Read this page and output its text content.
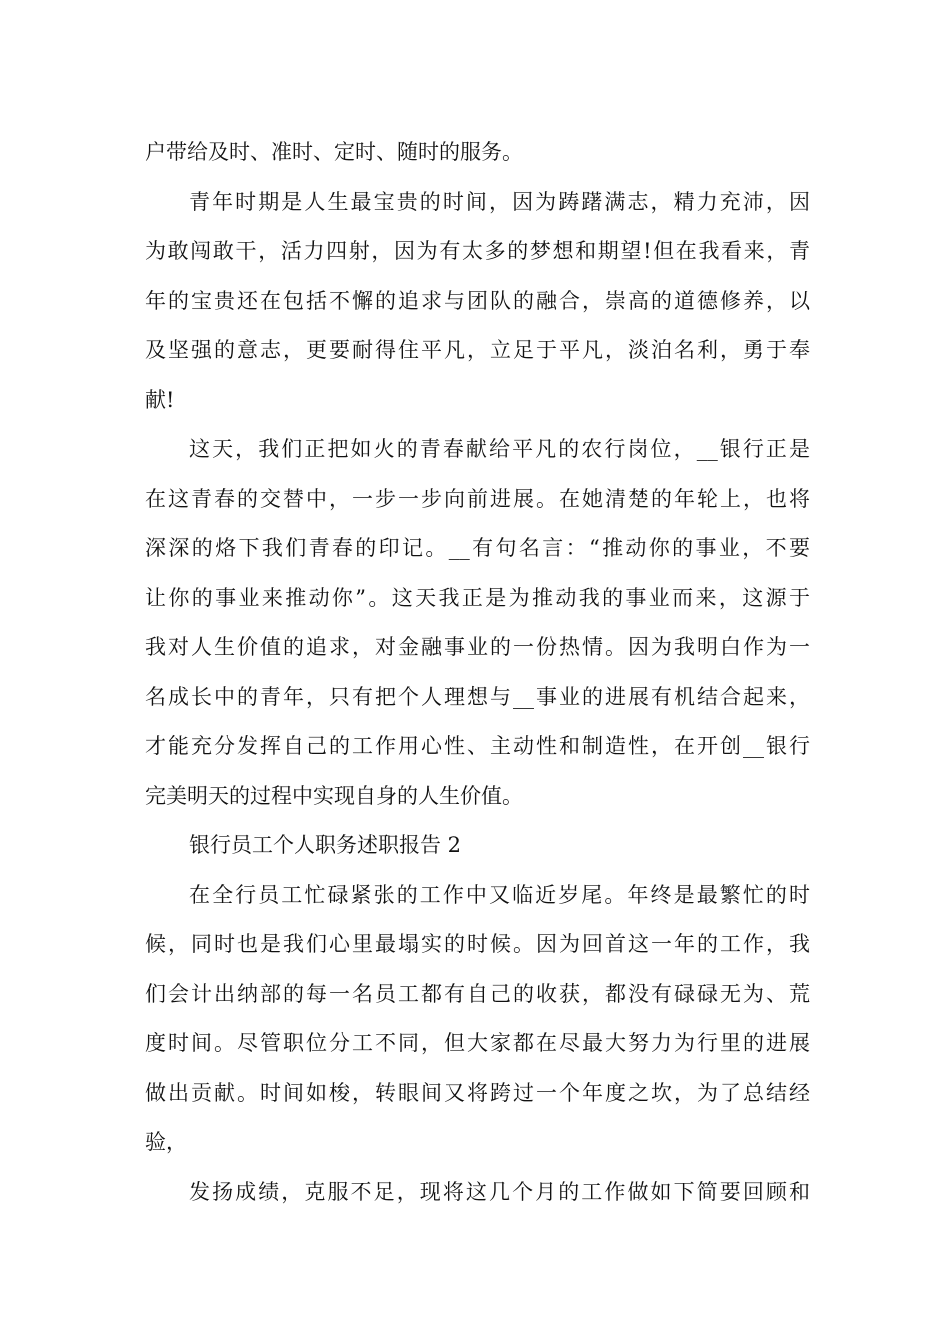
户带给及时、准时、定时、随时的服务。
青年时期是人生最宝贵的时间，因为踌躇满志，精力充沛，因
为敢闯敢干，活力四射，因为有太多的梦想和期望!但在我看来，青
年的宝贵还在包括不懈的追求与团队的融合，崇高的道德修养，以
及坚强的意志，更要耐得住平凡，立足于平凡，淡泊名利，勇于奉
献!
这天，我们正把如火的青春献给平凡的农行岗位，__银行正是
在这青春的交替中，一步一步向前进展。在她清楚的年轮上，也将
深深的烙下我们青春的印记。__有句名言：“推动你的事业，不要
让你的事业来推动你”。这天我正是为推动我的事业而来，这源于
我对人生价值的追求，对金融事业的一份热情。因为我明白作为一
名成长中的青年，只有把个人理想与__事业的进展有机结合起来，
才能充分发挥自己的工作用心性、主动性和制造性，在开创__银行
完美明天的过程中实现自身的人生价值。
银行员工个人职务述职报告 2
在全行员工忙碌紧张的工作中又临近岁尾。年终是最繁忙的时
候，同时也是我们心里最塌实的时候。因为回首这一年的工作，我
们会计出纳部的每一名员工都有自己的收获，都没有碌碌无为、荒
度时间。尽管职位分工不同，但大家都在尽最大努力为行里的进展
做出贡献。时间如梭，转眼间又将跨过一个年度之坎，为了总结经
验，
发扬成绩，克服不足，现将这几个月的工作做如下简要回顾和
